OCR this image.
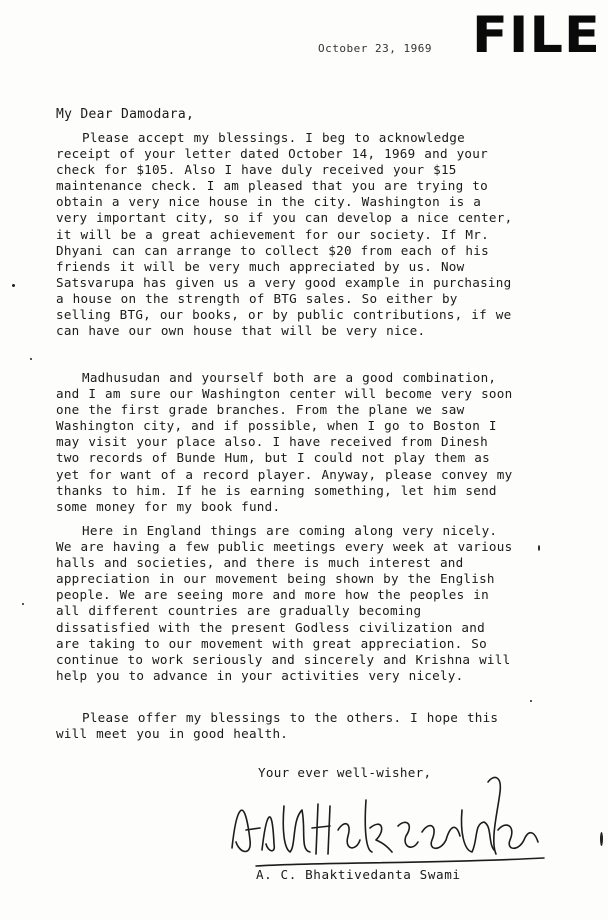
FILE
October 23, 1969
My Dear Damodara,

Please accept my blessings. I beg to acknowledge receipt of your letter dated October 14, 1969 and your check for $105. Also I have duly received your $15 maintenance check. I am pleased that you are trying to obtain a very nice house in the city. Washington is a very important city, so if you can develop a nice center, it will be a great achievement for our society. If Mr. Dhyani can can arrange to collect $20 from each of his friends it will be very much appreciated by us. Now Satsvarupa has given us a very good example in purchasing a house on the strength of BTG sales. So either by selling BTG, our books, or by public contributions, if we can have our own house that will be very nice.

Madhusudan and yourself both are a good combination, and I am sure our Washington center will become very soon one the first grade branches. From the plane we saw Washington city, and if possible, when I go to Boston I may visit your place also. I have received from Dinesh two records of Bunde Hum, but I could not play them as yet for want of a record player. Anyway, please convey my thanks to him. If he is earning something, let him send some money for my book fund.

Here in England things are coming along very nicely. We are having a few public meetings every week at various halls and societies, and there is much interest and appreciation in our movement being shown by the English people. We are seeing more and more how the peoples in all different countries are gradually becoming dissatisfied with the present Godless civilization and are taking to our movement with great appreciation. So continue to work seriously and sincerely and Krishna will help you to advance in your activities very nicely.

Please offer my blessings to the others. I hope this will meet you in good health.

Your ever well-wisher,
A. C. Bhaktivedanta Swami
